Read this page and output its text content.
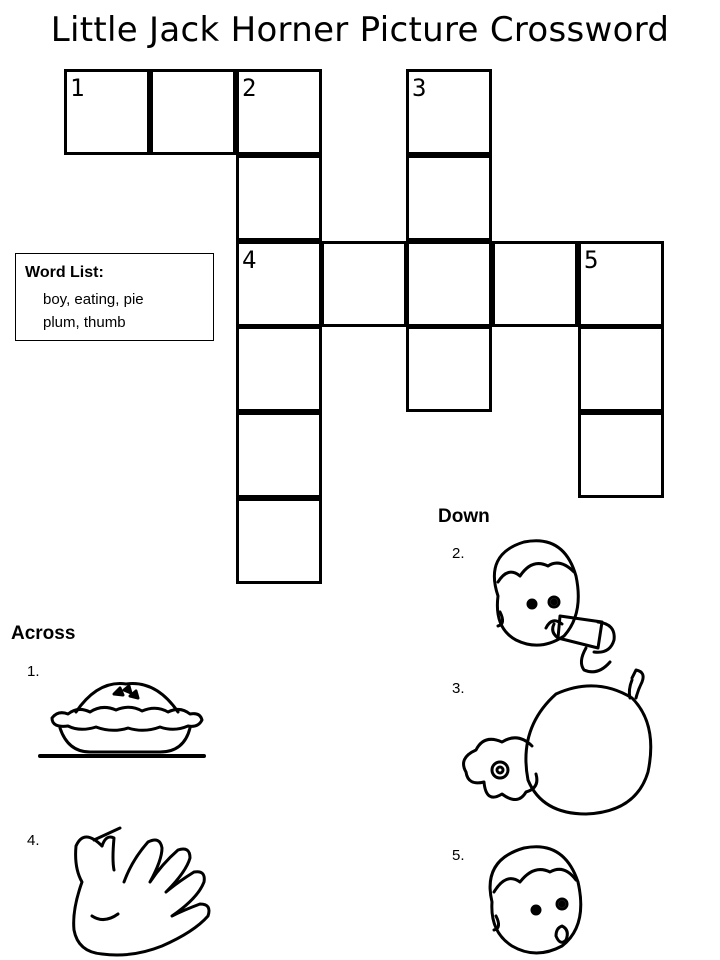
Little Jack Horner Picture Crossword
1	2	3
4	5
Word List:
boy, eating, pie
plum, thumb
Down
2.
3.
5.
Across
1.
4.
